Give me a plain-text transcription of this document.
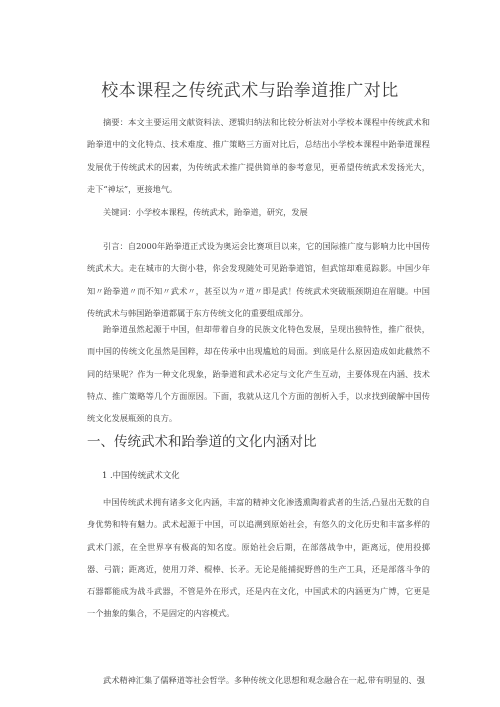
校本课程之传统武术与跆拳道推广对比

摘要：本文主要运用文献资料法、逻辑归纳法和比较分析法对小学校本课程中传统武术和跆拳道中的文化特点、技术难度、推广策略三方面对比后，总结出小学校本课程中跆拳道课程发展优于传统武术的因素，为传统武术推广提供简单的参考意见，更希望传统武术发扬光大，走下“神坛”，更接地气。

关键词：小学校本课程，传统武术，跆拳道，研究，发展

引言：自2000年跆拳道正式设为奥运会比赛项目以来，它的国际推广度与影响力比中国传统武术大。走在城市的大街小巷，你会发现随处可见跆拳道馆，但武馆却难觅踪影。中国少年知〃跆拳道〃而不知〃武术〃，甚至以为〃道〃即是武！传统武术突破瓶颈期迫在眉睫。中国传统武术与韩国跆拳道都属于东方传统文化的重要组成部分。

跆拳道虽然起源于中国，但却带着自身的民族文化特色发展，呈现出独特性，推广很快，而中国的传统文化虽然是国粹，却在传承中出现尴尬的局面。到底是什么原因造成如此截然不同的结果呢？作为一种文化现象，跆拳道和武术必定与文化产生互动，主要体现在内涵、技术特点、推广策略等几个方面原因。下面，我就从这几个方面的剖析入手，以求找到破解中国传统文化发展瓶颈的良方。

一、传统武术和跆拳道的文化内涵对比
1 .中国传统武术文化

中国传统武术拥有诸多文化内涵，丰富的精神文化渗透熏陶着武者的生活,凸显出无数的自身优势和特有魅力。武术起源于中国，可以追溯到原始社会，有悠久的文化历史和丰富多样的武术门派，在全世界享有极高的知名度。原始社会后期，在部落战争中，距离远，使用投掷器、弓箭；距离近，使用刀斧、棍棒、长矛。无论是能捕捉野兽的生产工具，还是部落斗争的石器都能成为战斗武器，不管是外在形式，还是内在文化，中国武术的内涵更为广博，它更是一个抽象的集合，不是固定的内容模式。

武术精神汇集了儒释道等社会哲学。多种传统文化思想和观念融合在一起,带有明显的、强
